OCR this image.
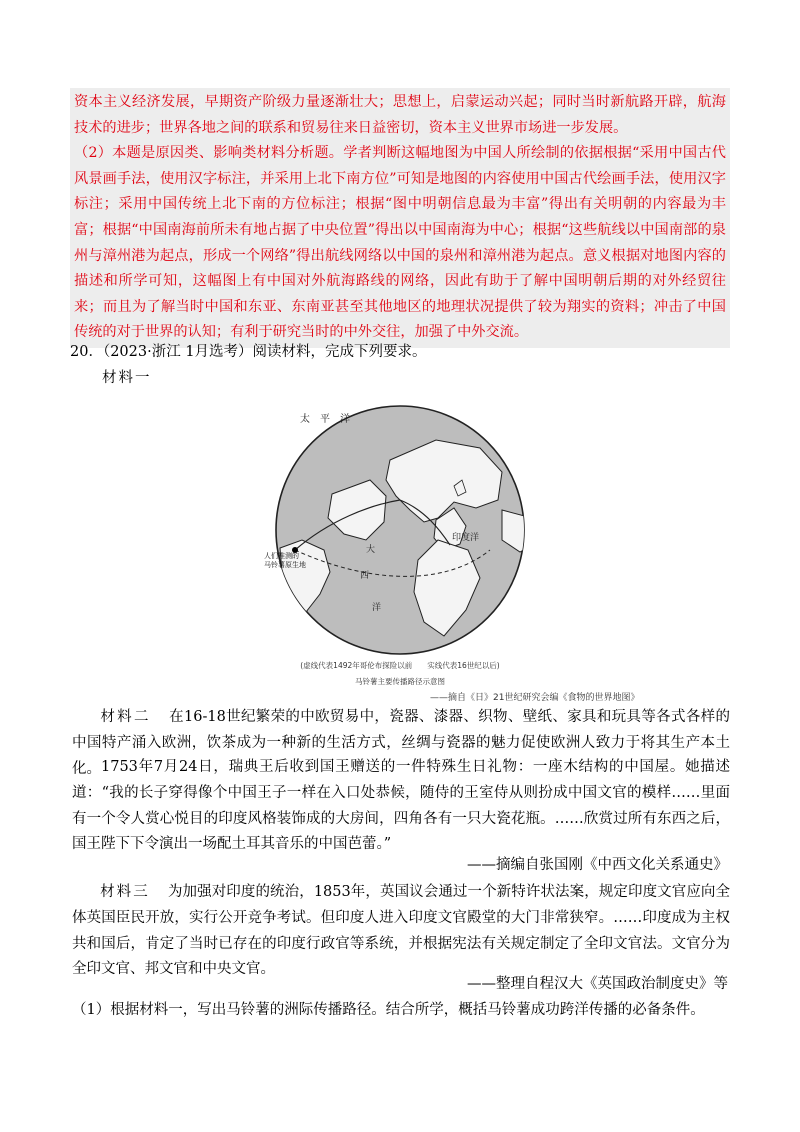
资本主义经济发展，早期资产阶级力量逐渐壮大；思想上，启蒙运动兴起；同时当时新航路开辟，航海技术的进步；世界各地之间的联系和贸易往来日益密切，资本主义世界市场进一步发展。

（2）本题是原因类、影响类材料分析题。学者判断这幅地图为中国人所绘制的依据根据“采用中国古代风景画手法，使用汉字标注，并采用上北下南方位”可知是地图的内容使用中国古代绘画手法，使用汉字标注；采用中国传统上北下南的方位标注；根据“图中明朝信息最为丰富”得出有关明朝的内容最为丰富；根据“中国南海前所未有地占据了中央位置”得出以中国南海为中心；根据“这些航线以中国南部的泉州与漳州港为起点，形成一个网络”得出航线网络以中国的泉州和漳州港为起点。意义根据对地图内容的描述和所学可知，这幅图上有中国对外航海路线的网络，因此有助于了解中国明朝后期的对外经贸往来；而且为了解当时中国和东亚、东南亚甚至其他地区的地理状况提供了较为翔实的资料；冲击了中国传统的对于世界的认知；有利于研究当时的中外交往，加强了中外交流。

20．（2023·浙江 1月选考）阅读材料，完成下列要求。
材料一
太　平　洋
印度洋
大
西
洋
人们推测的
马铃薯原生地
(虚线代表1492年哥伦布探险以前　　实线代表16世纪以后)
马铃薯主要传播路径示意图
——摘自《日》21世纪研究会编《食物的世界地图》

材料二 在16-18世纪繁荣的中欧贸易中，瓷器、漆器、织物、壁纸、家具和玩具等各式各样的中国特产涌入欧洲，饮茶成为一种新的生活方式，丝绸与瓷器的魅力促使欧洲人致力于将其生产本土化。 1753年7月24日，瑞典王后收到国王赠送的一件特殊生日礼物：一座木结构的中国屋。她描述道：“我的长子穿得像个中国王子一样在入口处恭候，随侍的王室侍从则扮成中国文官的模样……里面有一个令人赏心悦目的印度风格装饰成的大房间，四角各有一只大瓷花瓶。……欣赏过所有东西之后，国王陛下下令演出一场配土耳其音乐的中国芭蕾。”

——摘编自张国刚《中西文化关系通史》

材料三 为加强对印度的统治，1853年，英国议会通过一个新特许状法案，规定印度文官应向全体英国臣民开放，实行公开竞争考试。但印度人进入印度文官殿堂的大门非常狭窄。……印度成为主权共和国后，肯定了当时已存在的印度行政官等系统，并根据宪法有关规定制定了全印文官法。文官分为全印文官、邦文官和中央文官。

——整理自程汉大《英国政治制度史》等

（1）根据材料一，写出马铃薯的洲际传播路径。结合所学，概括马铃薯成功跨洋传播的必备条件。
